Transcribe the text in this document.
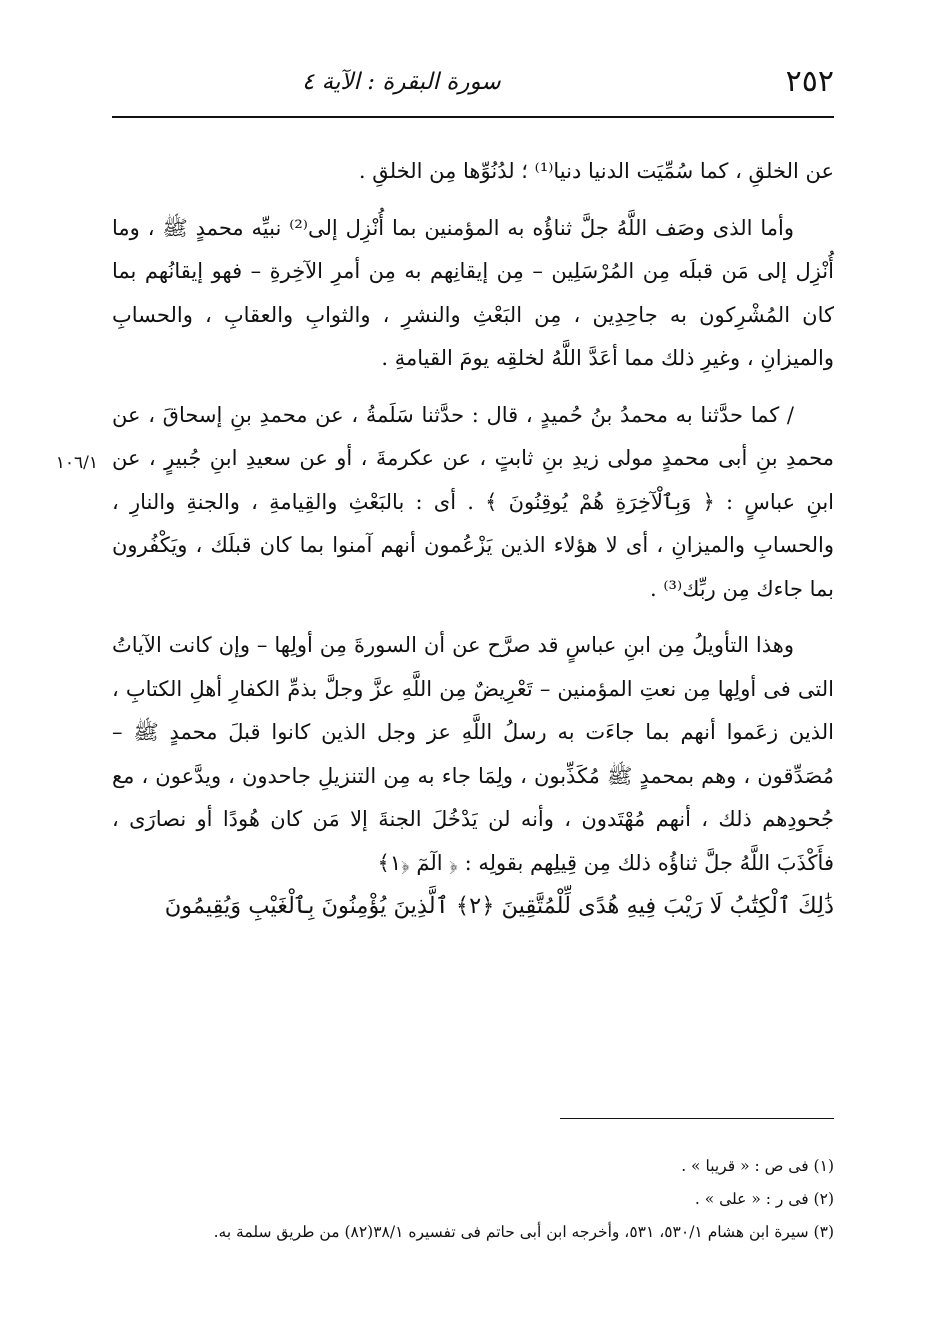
٢٥٢
سورة البقرة : الآية ٤
١٠٦/١

عن الخلقِ ، كما سُمِّيَت الدنيا دنيا⁽¹⁾ ؛ لدُنُوِّها مِن الخلقِ .

وأما الذى وصَف اللَّهُ جلَّ ثناؤُه به المؤمنين بما أُنْزِل إلى⁽²⁾ نبيِّه محمدٍ ﷺ ، وما أُنْزِل إلى مَن قبلَه مِن المُرْسَلِين – مِن إيقانِهم به مِن أمرِ الآخِرةِ – فهو إيقانُهم بما كان المُشْرِكون به جاحِدِين ، مِن البَعْثِ والنشرِ ، والثوابِ والعقابِ ، والحسابِ والميزانِ ، وغيرِ ذلك مما أعَدَّ اللَّهُ لخلقِه يومَ القيامةِ .

/ كما حدَّثنا به محمدُ بنُ حُميدٍ ، قال : حدَّثنا سَلَمةُ ، عن محمدِ بنِ إسحاقَ ، عن محمدِ بنِ أبى محمدٍ مولى زيدِ بنِ ثابتٍ ، عن عكرمةَ ، أو عن سعيدِ ابنِ جُبيرٍ ، عن ابنِ عباسٍ : ﴿ وَبِٱلْآخِرَةِ هُمْ يُوقِنُونَ ﴾ . أى : بالبَعْثِ والقِيامةِ ، والجنةِ والنارِ ، والحسابِ والميزانِ ، أى لا هؤلاء الذين يَزْعُمون أنهم آمنوا بما كان قبلَك ، ويَكْفُرون بما جاءك مِن ربِّك⁽³⁾ .

وهذا التأويلُ مِن ابنِ عباسٍ قد صرَّح عن أن السورةَ مِن أولِها – وإن كانت الآياتُ التى فى أولِها مِن نعتِ المؤمنين – تَعْرِيضٌ مِن اللَّهِ عزَّ وجلَّ بذمِّ الكفارِ أهلِ الكتابِ ، الذين زعَموا أنهم بما جاءَت به رسلُ اللَّهِ عز وجل الذين كانوا قبلَ محمدٍ ﷺ – مُصَدِّقون ، وهم بمحمدٍ ﷺ مُكَذِّبون ، ولِمَا جاء به مِن التنزيلِ جاحدون ، ويدَّعون ، مع جُحودِهم ذلك ، أنهم مُهْتَدون ، وأنه لن يَدْخُلَ الجنةَ إلا مَن كان هُودًا أو نصارَى ، فأَكْذَبَ اللَّهُ جلَّ ثناؤُه ذلك مِن قِيلِهم بقولِه : ﴿ الٓمٓ ﴿١﴾

ذَٰلِكَ ٱلْكِتَٰبُ لَا رَيْبَ فِيهِ هُدًى لِّلْمُتَّقِينَ ﴿٢﴾ ٱلَّذِينَ يُؤْمِنُونَ بِٱلْغَيْبِ وَيُقِيمُونَ

(١) فى ص : « قريبا » .

(٢) فى ر : « على » .

(٣) سيرة ابن هشام ٥٣٠/١، ٥٣١، وأخرجه ابن أبى حاتم فى تفسيره ٣٨/١(٨٢) من طريق سلمة به.
